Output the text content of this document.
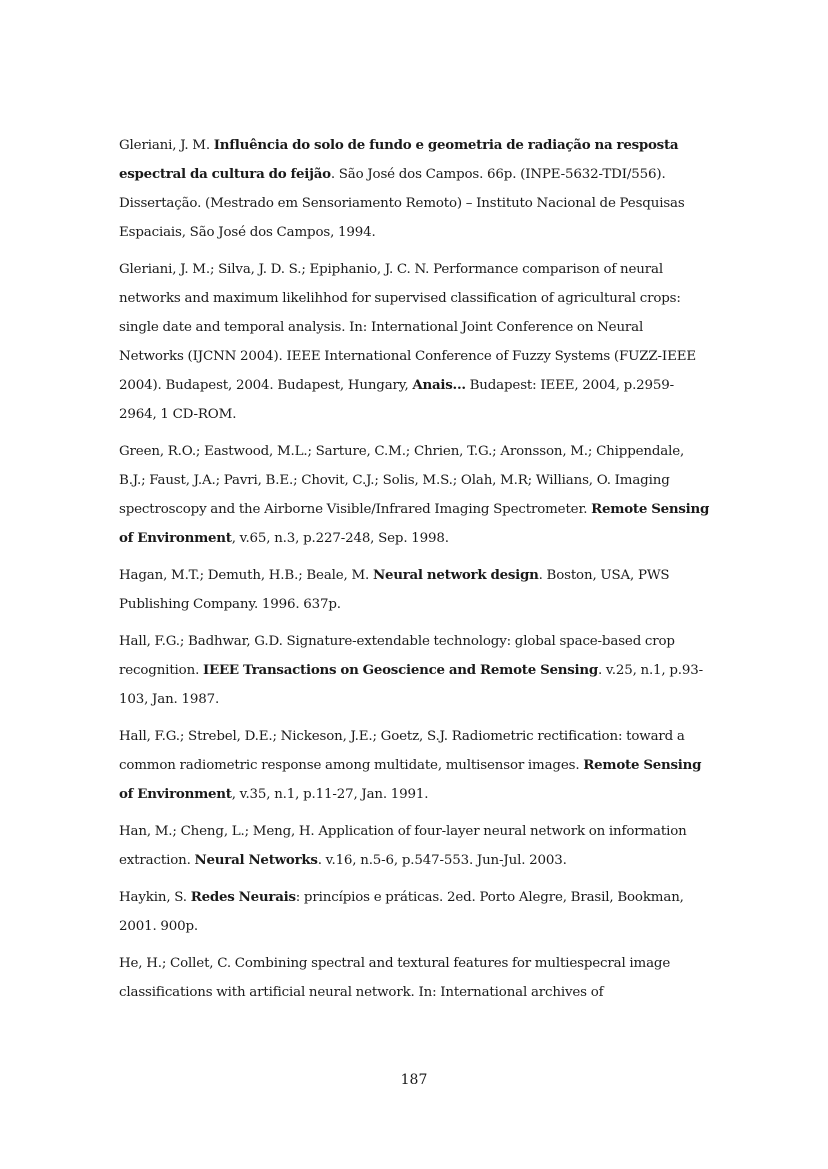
Gleriani, J. M. Influência do solo de fundo e geometria de radiação na resposta espectral da cultura do feijão. São José dos Campos. 66p. (INPE-5632-TDI/556). Dissertação. (Mestrado em Sensoriamento Remoto) – Instituto Nacional de Pesquisas Espaciais, São José dos Campos, 1994.

Gleriani, J. M.; Silva, J. D. S.; Epiphanio, J. C. N. Performance comparison of neural networks and maximum likelihhod for supervised classification of agricultural crops: single date and temporal analysis. In: International Joint Conference on Neural Networks (IJCNN 2004). IEEE International Conference of Fuzzy Systems (FUZZ-IEEE 2004). Budapest, 2004. Budapest, Hungary, Anais... Budapest: IEEE, 2004, p.2959-2964, 1 CD-ROM.

Green, R.O.; Eastwood, M.L.; Sarture, C.M.; Chrien, T.G.; Aronsson, M.; Chippendale, B.J.; Faust, J.A.; Pavri, B.E.; Chovit, C.J.; Solis, M.S.; Olah, M.R; Willians, O. Imaging spectroscopy and the Airborne Visible/Infrared Imaging Spectrometer. Remote Sensing of Environment, v.65, n.3, p.227-248, Sep. 1998.

Hagan, M.T.; Demuth, H.B.; Beale, M. Neural network design. Boston, USA, PWS Publishing Company. 1996. 637p.

Hall, F.G.; Badhwar, G.D. Signature-extendable technology: global space-based crop recognition. IEEE Transactions on Geoscience and Remote Sensing. v.25, n.1, p.93-103, Jan. 1987.

Hall, F.G.; Strebel, D.E.; Nickeson, J.E.; Goetz, S.J. Radiometric rectification: toward a common radiometric response among multidate, multisensor images. Remote Sensing of Environment, v.35, n.1, p.11-27, Jan. 1991.

Han, M.; Cheng, L.; Meng, H. Application of four-layer neural network on information extraction. Neural Networks. v.16, n.5-6, p.547-553. Jun-Jul. 2003.

Haykin, S. Redes Neurais: princípios e práticas. 2ed. Porto Alegre, Brasil, Bookman, 2001. 900p.

He, H.; Collet, C. Combining spectral and textural features for multiespecral image classifications with artificial neural network. In: International archives of

187
